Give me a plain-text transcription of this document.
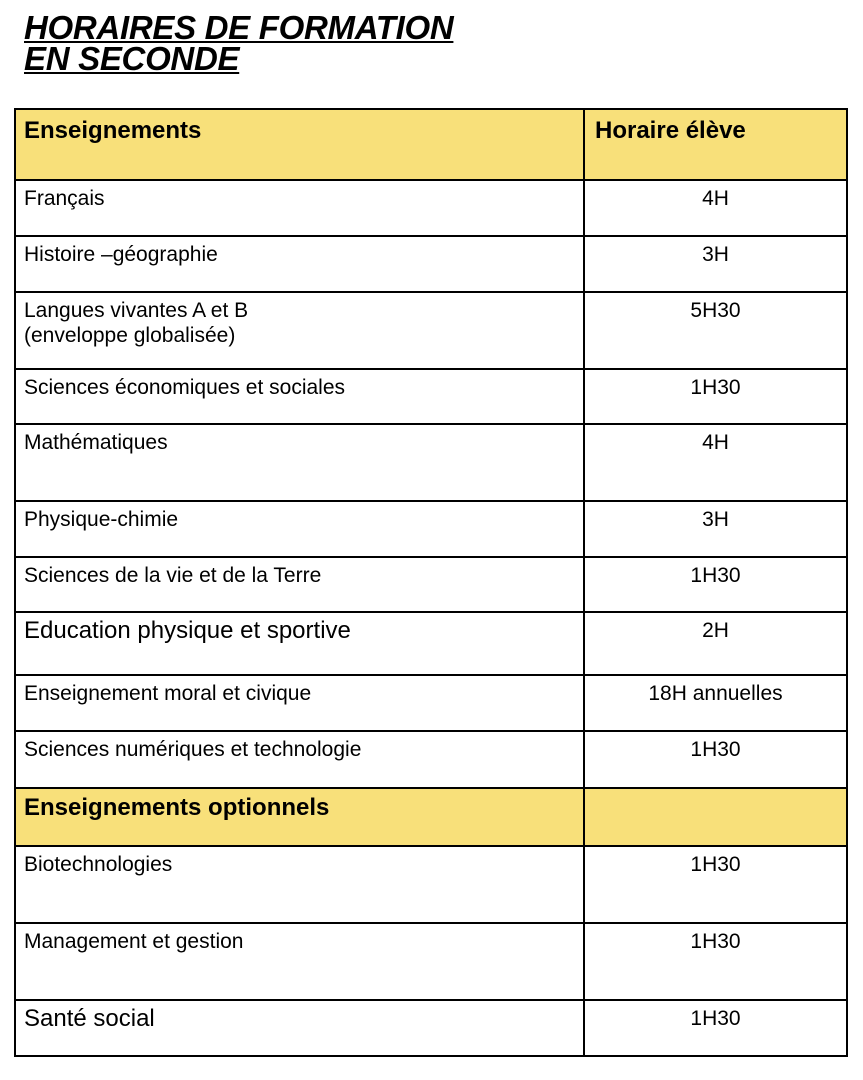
HORAIRES DE FORMATION
EN SECONDE
Enseignements	Horaire élève
Français	4H
Histoire –géographie	3H

Langues vivantes A et B
(enveloppe globalisée)	5H30
Sciences économiques et sociales	1H30
Mathématiques	4H
Physique-chimie	3H
Sciences de la vie et de la Terre	1H30
Education physique et sportive	2H
Enseignement moral et civique	18H annuelles
Sciences numériques et technologie	1H30
Enseignements optionnels	
Biotechnologies	1H30
Management et gestion	1H30
Santé social	1H30
